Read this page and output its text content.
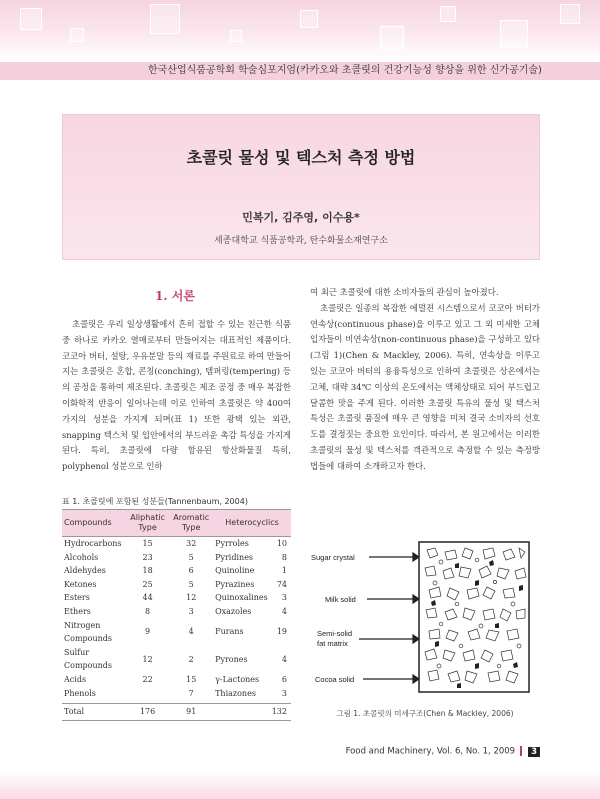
한국산업식품공학회 학술심포지엄(카카오와 초콜릿의 건강기능성 향상을 위한 신가공기술)
초콜릿 물성 및 텍스처 측정 방법
민복기, 김주영, 이수용*
세종대학교 식품공학과, 탄수화물소재연구소
1. 서론
초콜릿은 우리 일상생활에서 흔히 접할 수 있는 친근한 식품 중 하나로 카카오 열매로부터 만들어지는 대표적인 제품이다. 코코아 버터, 설탕, 우유분말 등의 재료를 주원료로 하여 만들어지는 초콜릿은 혼합, 콘칭(conching), 템퍼링(tempering) 등의 공정을 통하여 제조된다. 초콜릿은 제조 공정 중 매우 복잡한 이화학적 반응이 일어나는데 이로 인하여 초콜릿은 약 400여 가지의 성분을 가지게 되며(표 1) 또한 광택 있는 외관, snapping 텍스처 및 입안에서의 부드러운 촉감 특성을 가지게 된다. 특히, 초콜릿에 다량 함유된 항산화물질 특히, polyphenol 성분으로 인하

여 최근 초콜릿에 대한 소비자들의 관심이 높아졌다.

초콜릿은 일종의 복잡한 에멀젼 시스템으로서 코코아 버터가 연속상(continuous phase)을 이루고 있고 그 외 미세한 고체 입자들이 비연속상(non-continuous phase)을 구성하고 있다(그림 1)(Chen & Mackley, 2006). 특히, 연속상을 이루고 있는 코코아 버터의 용융특성으로 인하여 초콜릿은 상온에서는 고체, 대략 34℃ 이상의 온도에서는 액체상태로 되어 부드럽고 달콤한 맛을 주게 된다. 이러한 초콜릿 특유의 물성 및 텍스처 특성은 초콜릿 품질에 매우 큰 영향을 미쳐 결국 소비자의 선호도를 결정짓는 중요한 요인이다. 따라서, 본 원고에서는 이러한 초콜릿의 물성 및 텍스처를 객관적으로 측정할 수 있는 측정방법들에 대하여 소개하고자 한다.

표 1. 초콜릿에 포함된 성분들(Tannenbaum, 2004)
Compounds	Aliphatic Type	Aromatic Type	Heterocyclics	
Hydrocarbons	15	32	Pyrroles	10
Alcohols	23	5	Pyridines	8
Aldehydes	18	6	Quinoline	1
Ketones	25	5	Pyrazines	74
Esters	44	12	Quinoxalines	3
Ethers	8	3	Oxazoles	4
Nitrogen Compounds	9	4	Furans	19
Sulfur Compounds	12	2	Pyrones	4
Acids	22	15	γ-Lactones	6
Phenols		7	Thiazones	3
Total	176	91		132
Sugar crystal
Milk solid
Semi-solid
fat matrix
Cocoa solid
그림 1. 초콜릿의 미세구조(Chen & Mackley, 2006)
Food and Machinery, Vol. 6, No. 1, 2009 3
